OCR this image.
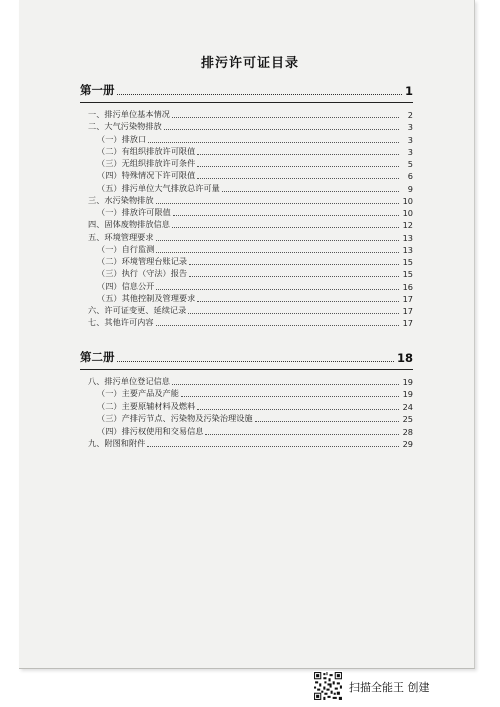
排污许可证目录
第一册	1
一、排污单位基本情况	2
二、大气污染物排放	3
（一）排放口	3
（二）有组织排放许可限值	3
（三）无组织排放许可条件	5
（四）特殊情况下许可限值	6
（五）排污单位大气排放总许可量	9
三、水污染物排放	10
（一）排放许可限值	10
四、固体废物排放信息	12
五、环境管理要求	13
（一）自行监测	13
（二）环境管理台账记录	15
（三）执行（守法）报告	15
（四）信息公开	16
（五）其他控制及管理要求	17
六、许可证变更、延续记录	17
七、其他许可内容	17
第二册	18
八、排污单位登记信息	19
（一）主要产品及产能	19
（二）主要原辅材料及燃料	24
（三）产排污节点、污染物及污染治理设施	25
（四）排污权使用和交易信息	28
九、附图和附件	29
扫描全能王 创建
